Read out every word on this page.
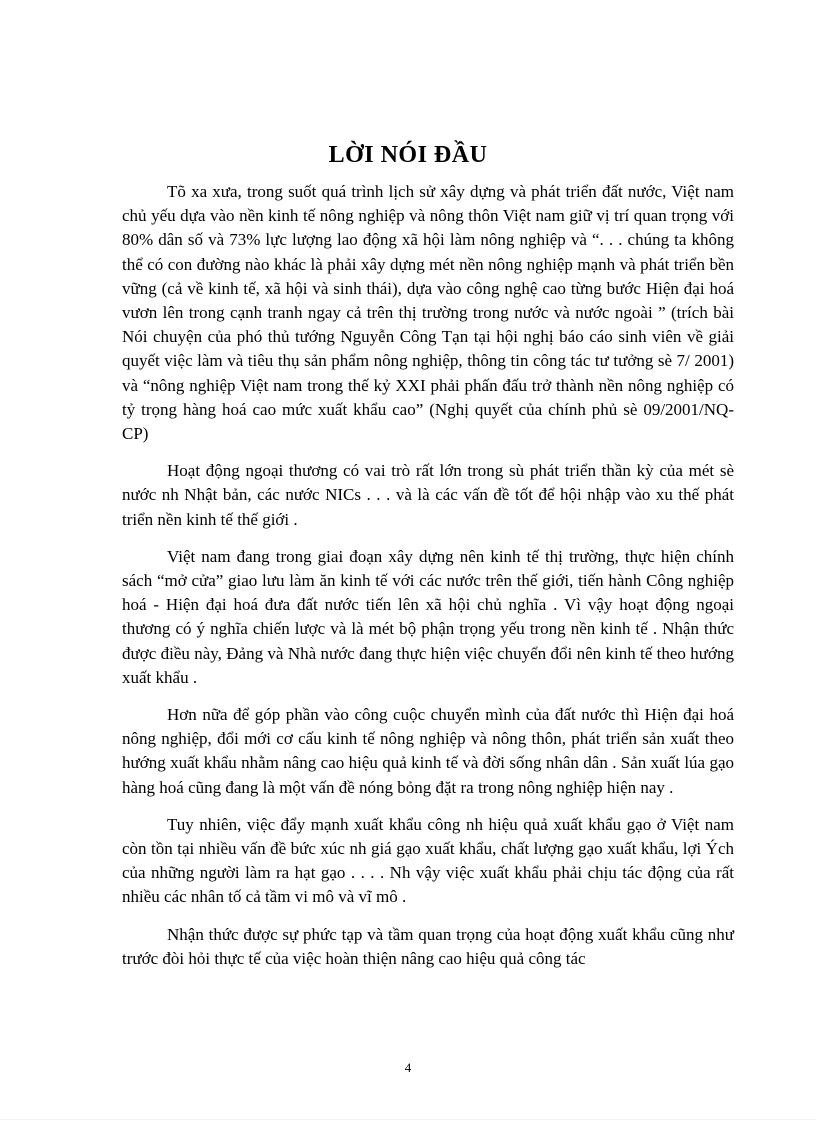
LỜI NÓI ĐẦU

Tõ xa xưa, trong suốt quá trình lịch sử xây dựng và phát triển đất nước, Việt nam chủ yếu dựa vào nền kinh tế nông nghiệp và nông thôn Việt nam giữ vị trí quan trọng với 80% dân số và 73% lực lượng lao động xã hội làm nông nghiệp và “. . . chúng ta không thể có con đường nào khác là phải xây dựng mét nền nông nghiệp mạnh và phát triển bền vững (cả về kinh tế, xã hội và sinh thái), dựa vào công nghệ cao từng bước Hiện đại hoá vươn lên trong cạnh tranh ngay cả trên thị trường trong nước và nước ngoài ” (trích bài Nói chuyện của phó thủ tướng Nguyễn Công Tạn tại hội nghị báo cáo sinh viên về giải quyết việc làm và tiêu thụ sản phẩm nông nghiệp, thông tin công tác tư tưởng sè 7/ 2001) và “nông nghiệp Việt nam trong thế kỷ XXI phải phấn đấu trở thành nền nông nghiệp có tỷ trọng hàng hoá cao mức xuất khẩu cao” (Nghị quyết của chính phủ sè 09/2001/NQ-CP)

Hoạt động ngoại thương có vai trò rất lớn trong sù phát triển thần kỳ của mét sè nước nh Nhật bản, các nước NICs . . . và là các vấn đề tốt để hội nhập vào xu thế phát triển nền kinh tế thế giới .

Việt nam đang trong giai đoạn xây dựng nên kinh tế thị trường, thực hiện chính sách “mở cửa” giao lưu làm ăn kinh tế với các nước trên thế giới, tiến hành Công nghiệp hoá - Hiện đại hoá đưa đất nước tiến lên xã hội chủ nghĩa . Vì vậy hoạt động ngoại thương có ý nghĩa chiến lược và là mét bộ phận trọng yếu trong nền kinh tế . Nhận thức được điều này, Đảng và Nhà nước đang thực hiện việc chuyển đổi nên kinh tế theo hướng xuất khẩu .

Hơn nữa để góp phần vào công cuộc chuyển mình của đất nước thì Hiện đại hoá nông nghiệp, đổi mới cơ cấu kinh tế nông nghiệp và nông thôn, phát triển sản xuất theo hướng xuất khẩu nhằm nâng cao hiệu quả kinh tế và đời sống nhân dân . Sản xuất lúa gạo hàng hoá cũng đang là một vấn đề nóng bỏng đặt ra trong nông nghiệp hiện nay .

Tuy nhiên, việc đẩy mạnh xuất khẩu công nh hiệu quả xuất khẩu gạo ở Việt nam còn tồn tại nhiều vấn đề bức xúc nh giá gạo xuất khẩu, chất lượng gạo xuất khẩu, lợi Ých của những người làm ra hạt gạo . . . . Nh vậy việc xuất khẩu phải chịu tác động của rất nhiều các nhân tố cả tầm vi mô và vĩ mô .

Nhận thức được sự phức tạp và tầm quan trọng của hoạt động xuất khẩu cũng như trước đòi hỏi thực tế của việc hoàn thiện nâng cao hiệu quả công tác

4
